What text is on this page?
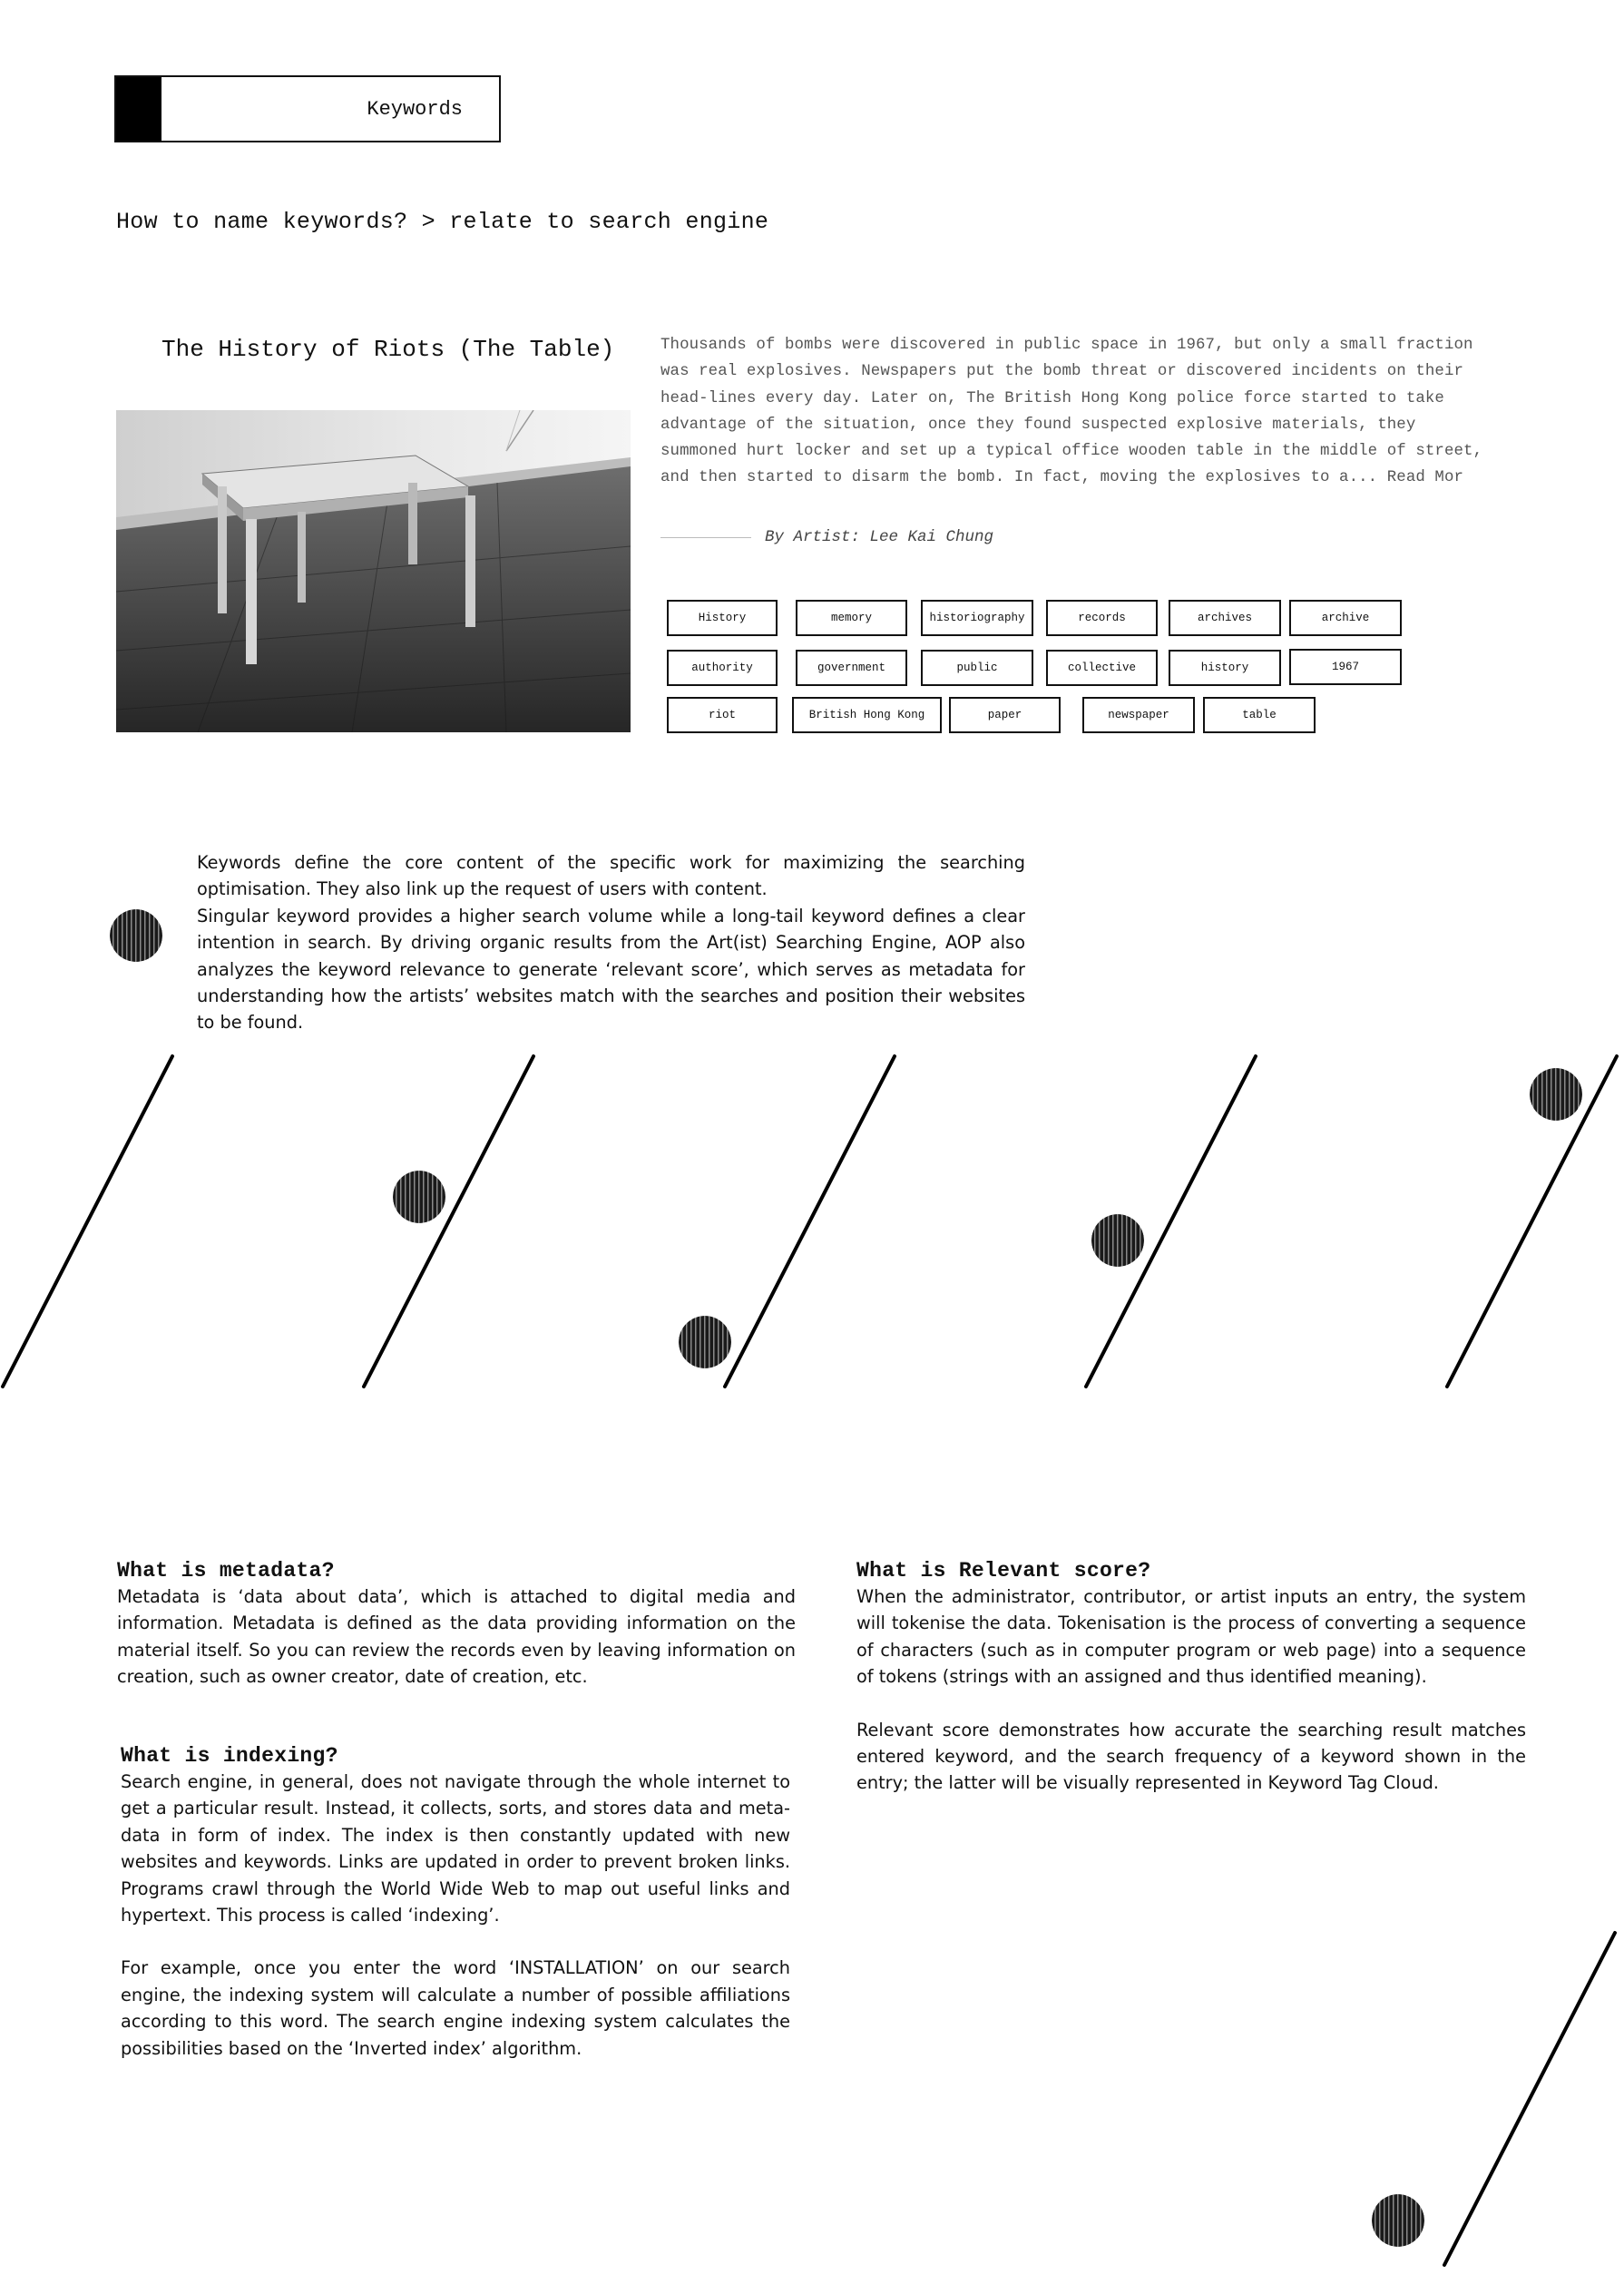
Keywords
How to name keywords? > relate to search engine
The History of Riots (The Table)	Thousands of bombs were discovered in public space in 1967, but only a small fraction was real explosives. Newspapers put the bomb threat or discovered incidents on their head-lines every day. Later on, The British Hong Kong police force started to take advantage of the situation, once they found suspected explosive materials, they summoned hurt locker and set up a typical office wooden table in the middle of street, and then started to disarm the bomb. In fact, moving the explosives to a... Read Mor
By Artist: Lee Kai Chung
History	memory	historiography	records	archives	archive
authority	government	public	collective	history	1967
riot	British Hong Kong	paper	newspaper	table

Keywords define the core content of the specific work for maximizing the searching optimisation. They also link up the request of users with content.

Singular keyword provides a higher search volume while a long-tail keyword defines a clear intention in search. By driving organic results from the Art(ist) Searching Engine, AOP also analyzes the keyword relevance to generate ‘relevant score’, which serves as metadata for understanding how the artists’ websites match with the searches and position their websites to be found.

What is metadata?
Metadata is ‘data about data’, which is attached to digital media and information. Metadata is defined as the data providing information on the material itself. So you can review the records even by leaving information on creation, such as owner creator, date of creation, etc.
What is indexing?

Search engine, in general, does not navigate through the whole internet to get a particular result. Instead, it collects, sorts, and stores data and meta-data in form of index. The index is then constantly updated with new websites and keywords. Links are updated in order to prevent broken links. Programs crawl through the World Wide Web to map out useful links and hypertext. This process is called ‘indexing’.

For example, once you enter the word ‘INSTALLATION’ on our search engine, the indexing system will calculate a number of possible affiliations according to this word. The search engine indexing system calculates the possibilities based on the ‘Inverted index’ algorithm.

What is Relevant score?

When the administrator, contributor, or artist inputs an entry, the system will tokenise the data. Tokenisation is the process of converting a sequence of characters (such as in computer program or web page) into a sequence of tokens (strings with an assigned and thus identified meaning).

Relevant score demonstrates how accurate the searching result matches entered keyword, and the search frequency of a keyword shown in the entry; the latter will be visually represented in Keyword Tag Cloud.
